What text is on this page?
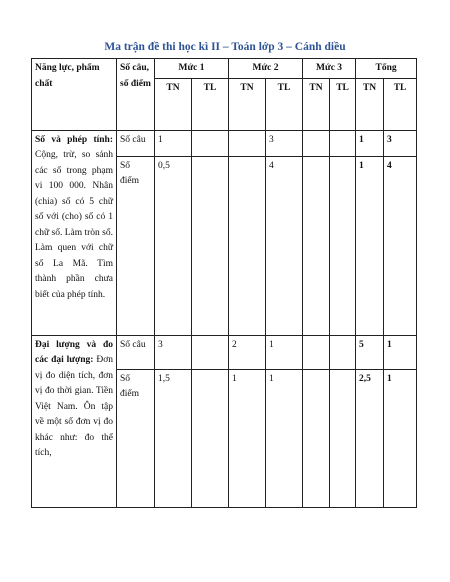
Ma trận đề thi học kì II – Toán lớp 3 – Cánh diều
Năng lực, phẩm chất	Số câu, số điểm	Mức 1		Mức 2		Mức 3		Tổng	
		TN	TL	TN	TL	TN	TL	TN	TL
Số và phép tính: Cộng, trừ, so sánh các số trong phạm vi 100 000. Nhân (chia) số có 5 chữ số với (cho) số có 1 chữ số. Làm tròn số. Làm quen với chữ số La Mã. Tìm thành phần chưa biết của phép tính.	Số câu	1			3			1	3
	Số điểm	0,5			4			1	4
Đại lượng và đo các đại lượng: Đơn vị đo diện tích, đơn vị đo thời gian. Tiền Việt Nam. Ôn tập về một số đơn vị đo khác như: đo thể tích,	Số câu	3		2	1			5	1
	Số điểm	1,5		1	1			2,5	1
